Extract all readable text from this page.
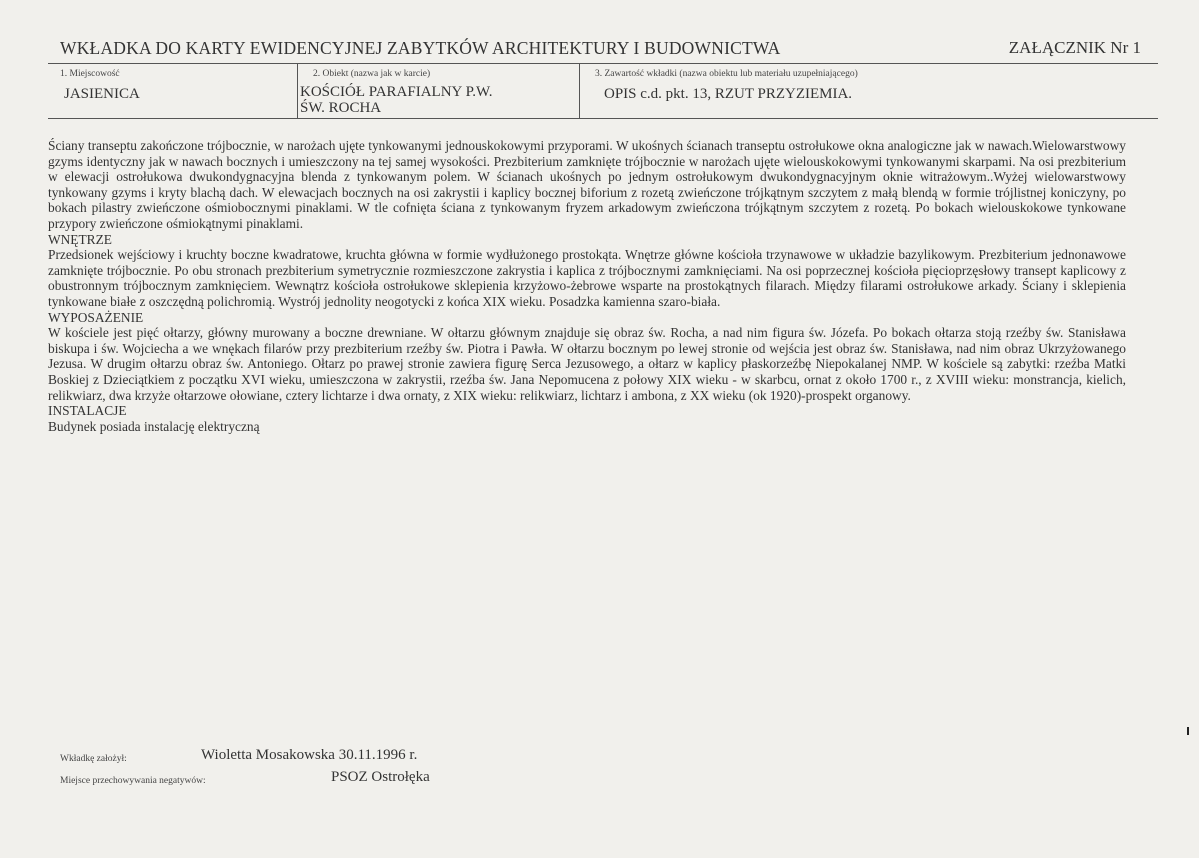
WKŁADKA DO KARTY EWIDENCYJNEJ ZABYTKÓW ARCHITEKTURY I BUDOWNICTWA	ZAŁĄCZNIK Nr 1
1. Miejscowość
JASIENICA
2. Obiekt (nazwa jak w karcie)
KOŚCIÓŁ PARAFIALNY P.W.
ŚW. ROCHA
3. Zawartość wkładki (nazwa obiektu lub materiału uzupełniającego)
OPIS c.d. pkt. 13, RZUT PRZYZIEMIA.

Ściany transeptu zakończone trójbocznie, w narożach ujęte tynkowanymi jednouskokowymi przyporami. W ukośnych ścianach transeptu ostrołukowe okna analogiczne jak w nawach.Wielowarstwowy gzyms identyczny jak w nawach bocznych i umieszczony na tej samej wysokości. Prezbiterium zamknięte trójbocznie w narożach ujęte wielouskokowymi tynkowanymi skarpami. Na osi prezbiterium w elewacji ostrołukowa dwukondygnacyjna blenda z tynkowanym polem. W ścianach ukośnych po jednym ostrołukowym dwukondygnacyjnym oknie witrażowym..Wyżej wielowarstwowy tynkowany gzyms i kryty blachą dach. W elewacjach bocznych na osi zakrystii i kaplicy bocznej biforium z rozetą zwieńczone trójkątnym szczytem z małą blendą w formie trójlistnej koniczyny, po bokach pilastry zwieńczone ośmiobocznymi pinaklami. W tle cofnięta ściana z tynkowanym fryzem arkadowym zwieńczona trójkątnym szczytem z rozetą. Po bokach wielouskokowe tynkowane przypory zwieńczone ośmiokątnymi pinaklami.

WNĘTRZE

Przedsionek wejściowy i kruchty boczne kwadratowe, kruchta główna w formie wydłużonego prostokąta. Wnętrze główne kościoła trzynawowe w układzie bazylikowym. Prezbiterium jednonawowe zamknięte trójbocznie. Po obu stronach prezbiterium symetrycznie rozmieszczone zakrystia i kaplica z trójbocznymi zamknięciami. Na osi poprzecznej kościoła pięcioprzęsłowy transept kaplicowy z obustronnym trójbocznym zamknięciem. Wewnątrz kościoła ostrołukowe sklepienia krzyżowo-żebrowe wsparte na prostokątnych filarach. Między filarami ostrołukowe arkady. Ściany i sklepienia tynkowane białe z oszczędną polichromią. Wystrój jednolity neogotycki z końca XIX wieku. Posadzka kamienna szaro-biała.

WYPOSAŻENIE

W kościele jest pięć ołtarzy, główny murowany a boczne drewniane. W ołtarzu głównym znajduje się obraz św. Rocha, a nad nim figura św. Józefa. Po bokach ołtarza stoją rzeźby św. Stanisława biskupa i św. Wojciecha a we wnękach filarów przy prezbiterium rzeźby św. Piotra i Pawła. W ołtarzu bocznym po lewej stronie od wejścia jest obraz św. Stanisława, nad nim obraz Ukrzyżowanego Jezusa. W drugim ołtarzu obraz św. Antoniego. Ołtarz po prawej stronie zawiera figurę Serca Jezusowego, a ołtarz w kaplicy płaskorzeźbę Niepokalanej NMP. W kościele są zabytki: rzeźba Matki Boskiej z Dzieciątkiem z początku XVI wieku, umieszczona w zakrystii, rzeźba św. Jana Nepomucena z połowy XIX wieku - w skarbcu, ornat z około 1700 r., z XVIII wieku: monstrancja, kielich, relikwiarz, dwa krzyże ołtarzowe ołowiane, cztery lichtarze i dwa ornaty, z XIX wieku: relikwiarz, lichtarz i ambona, z XX wieku (ok 1920)-prospekt organowy.

INSTALACJE

Budynek posiada instalację elektryczną

Wkładkę założył:	Wioletta Mosakowska 30.11.1996 r.
Miejsce przechowywania negatywów:	PSOZ Ostrołęka
